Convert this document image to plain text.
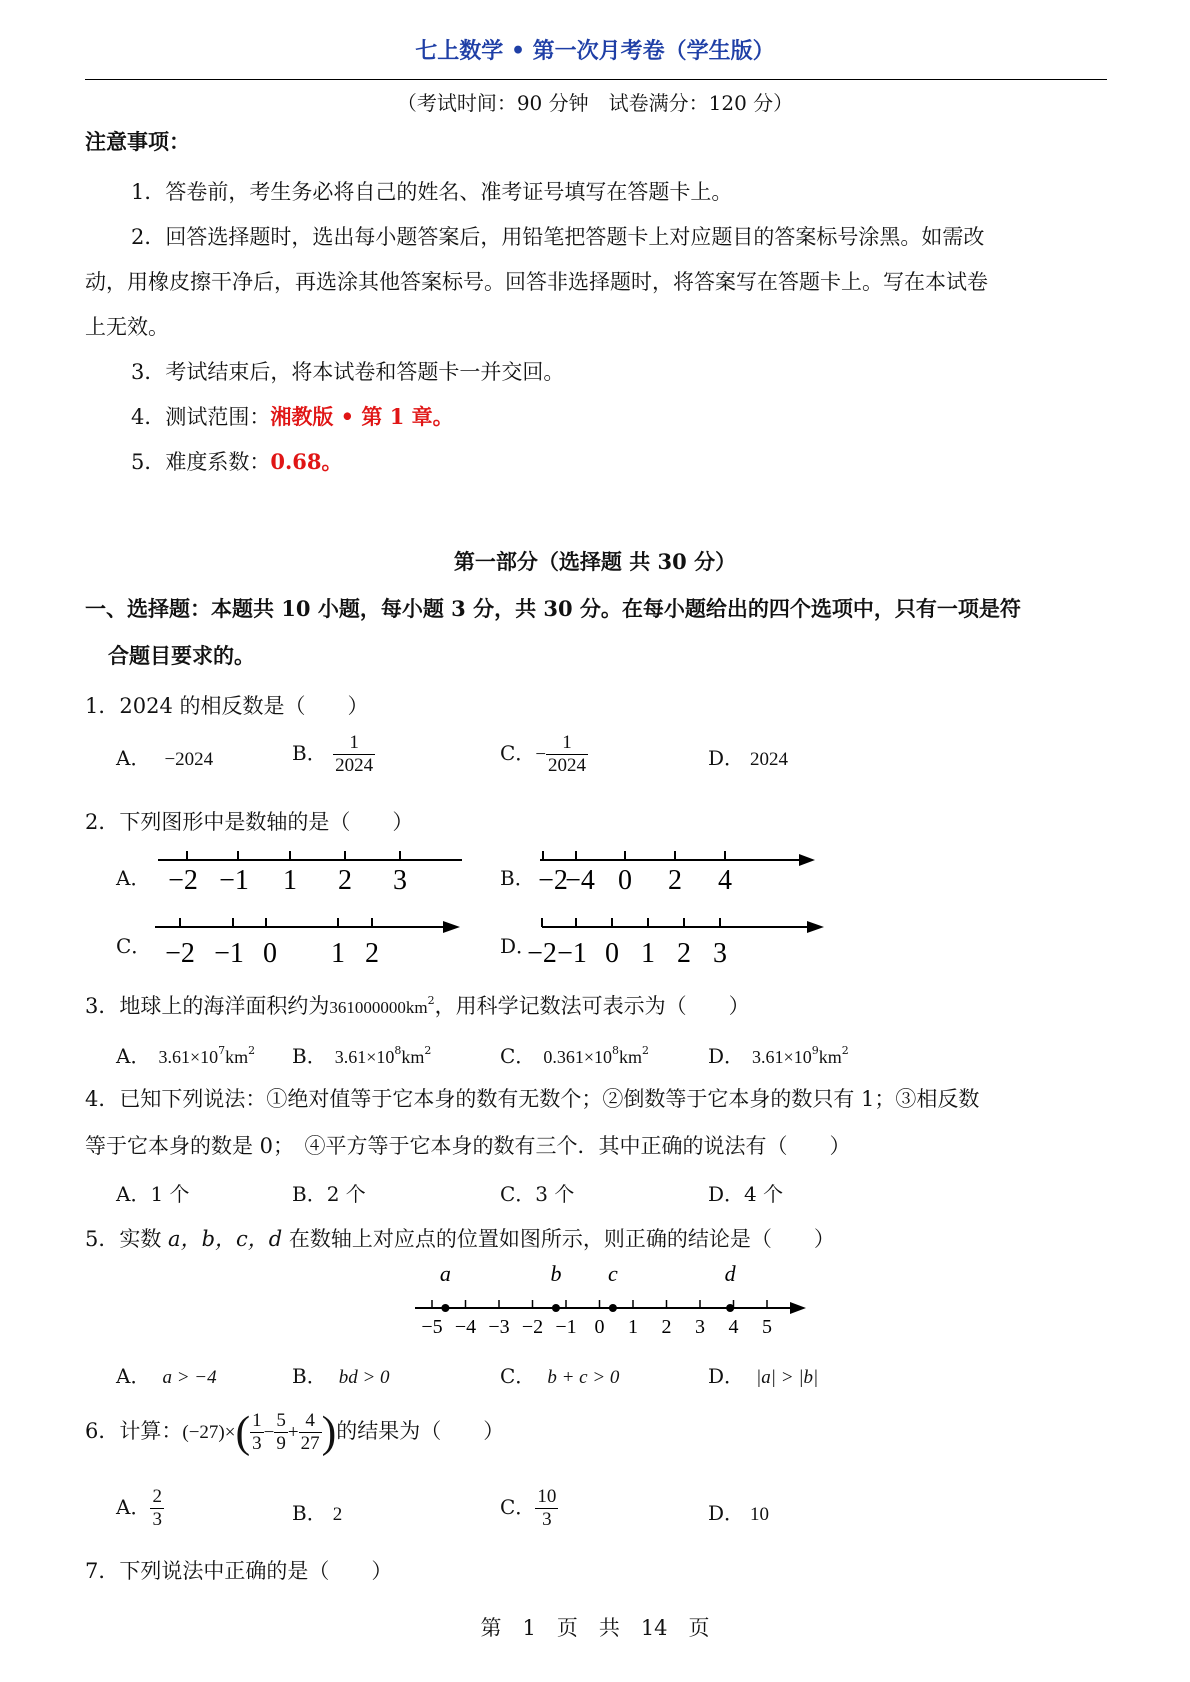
七上数学 • 第一次月考卷（学生版）
（考试时间：90 分钟　试卷满分：120 分）
注意事项：
1．答卷前，考生务必将自己的姓名、准考证号填写在答题卡上。
2．回答选择题时，选出每小题答案后，用铅笔把答题卡上对应题目的答案标号涂黑。如需改
动，用橡皮擦干净后，再选涂其他答案标号。回答非选择题时，将答案写在答题卡上。写在本试卷
上无效。
3．考试结束后，将本试卷和答题卡一并交回。
4．测试范围：湘教版 • 第 1 章。
5．难度系数：0.68。
第一部分（选择题 共 30 分）
一、选择题：本题共 10 小题，每小题 3 分，共 30 分。在每小题给出的四个选项中，只有一项是符
合题目要求的。
1．2024 的相反数是（　　）
A． −2024	B． $\frac{1}{2024}$	C．− $\frac{1}{2024}$	D． 2024
2．下列图形中是数轴的是（　　）
A．	B．
C．	D．
−2 −1 1 2 3	−2
−4 0 2 4
−2 −1 0 1 2	−2 −1 0 1 2 3
3．地球上的海洋面积约为$361000000km^2$，用科学记数法可表示为（　　）
A． $3.61\times 10^7km^2$ B． $3.61\times 10^8km^2$	C． $0.361\times 10^8km^2$	D． $3.61\times 10^9km^2$
4．已知下列说法：①绝对值等于它本身的数有无数个；②倒数等于它本身的数只有 1；③相反数
等于它本身的数是 0；　④平方等于它本身的数有三个．其中正确的说法有（　　）
A．1 个	B．2 个	C．3 个	D．4 个
5．实数 a，b，c，d 在数轴上对应点的位置如图所示，则正确的结论是（　　）
−5 −4 −3 −2 −1 0 1 2 3 4 5
a	b c	d
A． a > −4	B． bd > 0	C． b + c > 0	D． |a| > |b|
6．计算：$(-27)\times( \frac{1}{3} - \frac{5}{9} + \frac{4}{27}$ )的结果为（　　）
A． $\frac{2}{3}$	B． 2	C． $\frac{10}{3}$	D． 10
7．下列说法中正确的是（　　）
第　1　页　共　14　页
